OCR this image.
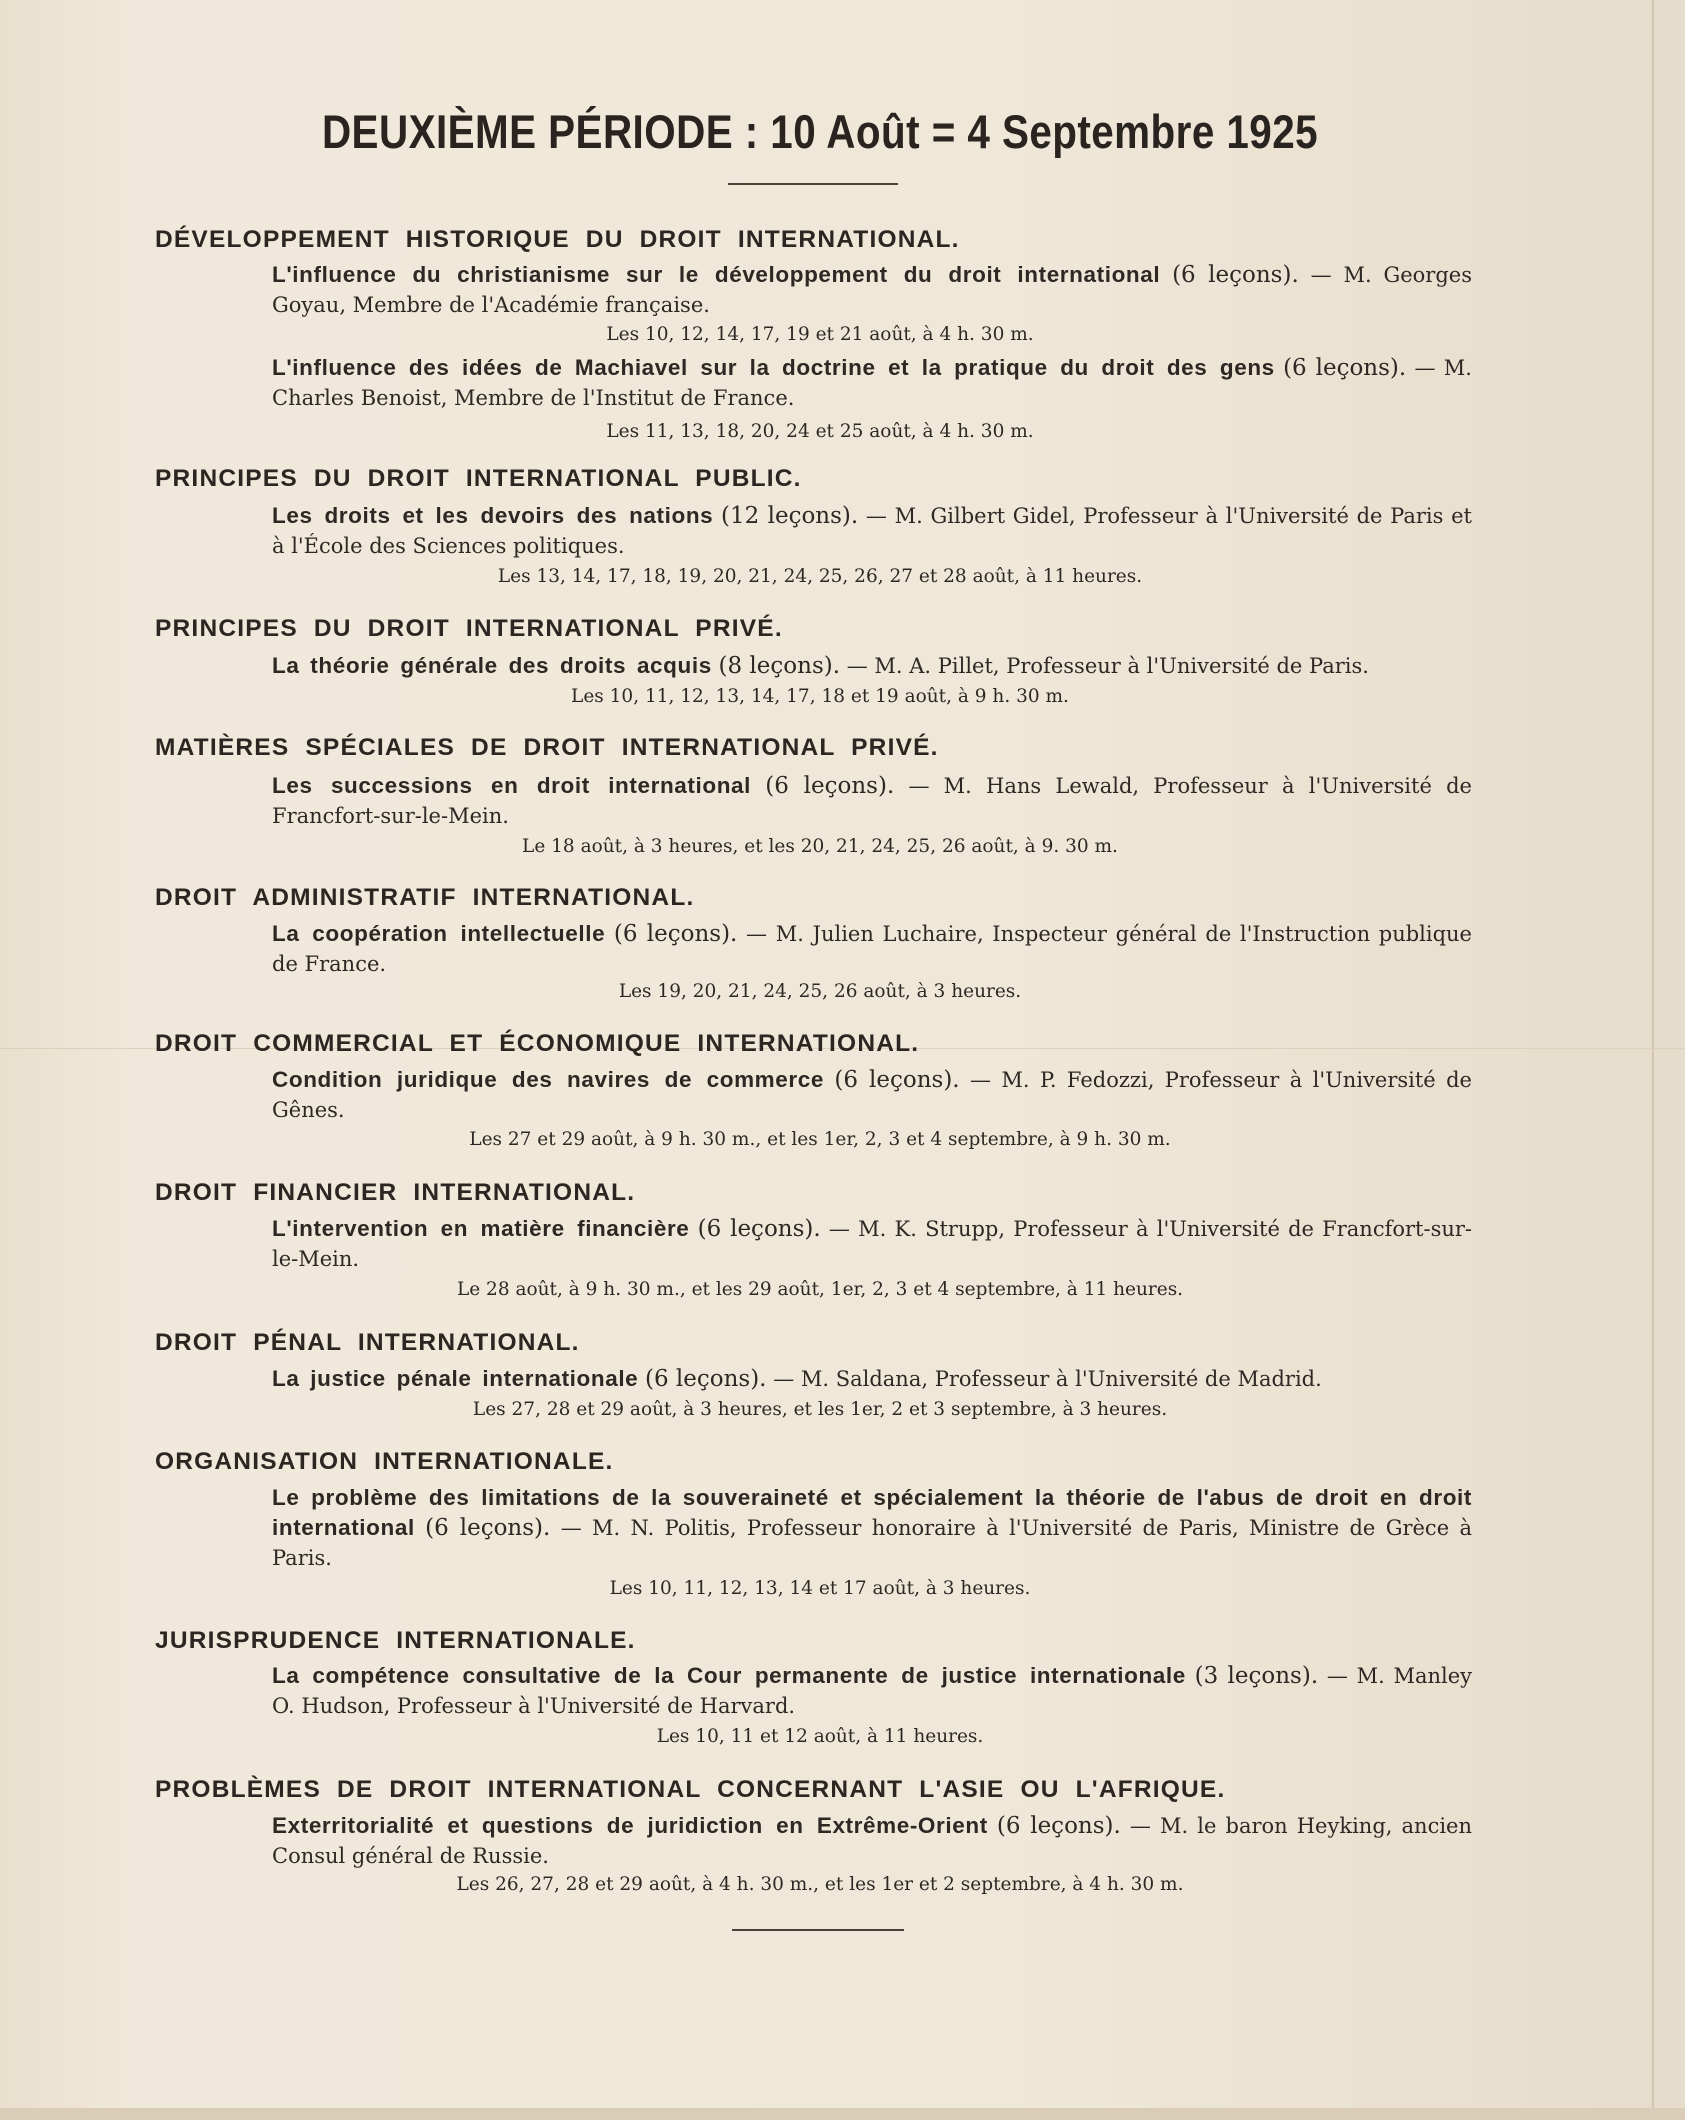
DEUXIÈME PÉRIODE : 10 Août = 4 Septembre 1925
DÉVELOPPEMENT HISTORIQUE DU DROIT INTERNATIONAL.
L'influence du christianisme sur le développement du droit international (6 leçons). — M. Georges Goyau, Membre de l'Académie française.
Les 10, 12, 14, 17, 19 et 21 août, à 4 h. 30 m.
L'influence des idées de Machiavel sur la doctrine et la pratique du droit des gens (6 leçons). — M. Charles Benoist, Membre de l'Institut de France.
Les 11, 13, 18, 20, 24 et 25 août, à 4 h. 30 m.
PRINCIPES DU DROIT INTERNATIONAL PUBLIC.
Les droits et les devoirs des nations (12 leçons). — M. Gilbert Gidel, Professeur à l'Université de Paris et à l'École des Sciences politiques.
Les 13, 14, 17, 18, 19, 20, 21, 24, 25, 26, 27 et 28 août, à 11 heures.
PRINCIPES DU DROIT INTERNATIONAL PRIVÉ.
La théorie générale des droits acquis (8 leçons). — M. A. Pillet, Professeur à l'Université de Paris.
Les 10, 11, 12, 13, 14, 17, 18 et 19 août, à 9 h. 30 m.
MATIÈRES SPÉCIALES DE DROIT INTERNATIONAL PRIVÉ.
Les successions en droit international (6 leçons). — M. Hans Lewald, Professeur à l'Université de Francfort-sur-le-Mein.
Le 18 août, à 3 heures, et les 20, 21, 24, 25, 26 août, à 9. 30 m.
DROIT ADMINISTRATIF INTERNATIONAL.
La coopération intellectuelle (6 leçons). — M. Julien Luchaire, Inspecteur général de l'Instruction publique de France.
Les 19, 20, 21, 24, 25, 26 août, à 3 heures.
DROIT COMMERCIAL ET ÉCONOMIQUE INTERNATIONAL.
Condition juridique des navires de commerce (6 leçons). — M. P. Fedozzi, Professeur à l'Université de Gênes.
Les 27 et 29 août, à 9 h. 30 m., et les 1er, 2, 3 et 4 septembre, à 9 h. 30 m.
DROIT FINANCIER INTERNATIONAL.
L'intervention en matière financière (6 leçons). — M. K. Strupp, Professeur à l'Université de Francfort-sur-le-Mein.
Le 28 août, à 9 h. 30 m., et les 29 août, 1er, 2, 3 et 4 septembre, à 11 heures.
DROIT PÉNAL INTERNATIONAL.
La justice pénale internationale (6 leçons). — M. Saldana, Professeur à l'Université de Madrid.
Les 27, 28 et 29 août, à 3 heures, et les 1er, 2 et 3 septembre, à 3 heures.
ORGANISATION INTERNATIONALE.
Le problème des limitations de la souveraineté et spécialement la théorie de l'abus de droit en droit international (6 leçons). — M. N. Politis, Professeur honoraire à l'Université de Paris, Ministre de Grèce à Paris.
Les 10, 11, 12, 13, 14 et 17 août, à 3 heures.
JURISPRUDENCE INTERNATIONALE.
La compétence consultative de la Cour permanente de justice internationale (3 leçons). — M. Manley O. Hudson, Professeur à l'Université de Harvard.
Les 10, 11 et 12 août, à 11 heures.
PROBLÈMES DE DROIT INTERNATIONAL CONCERNANT L'ASIE OU L'AFRIQUE.
Exterritorialité et questions de juridiction en Extrême-Orient (6 leçons). — M. le baron Heyking, ancien Consul général de Russie.
Les 26, 27, 28 et 29 août, à 4 h. 30 m., et les 1er et 2 septembre, à 4 h. 30 m.
